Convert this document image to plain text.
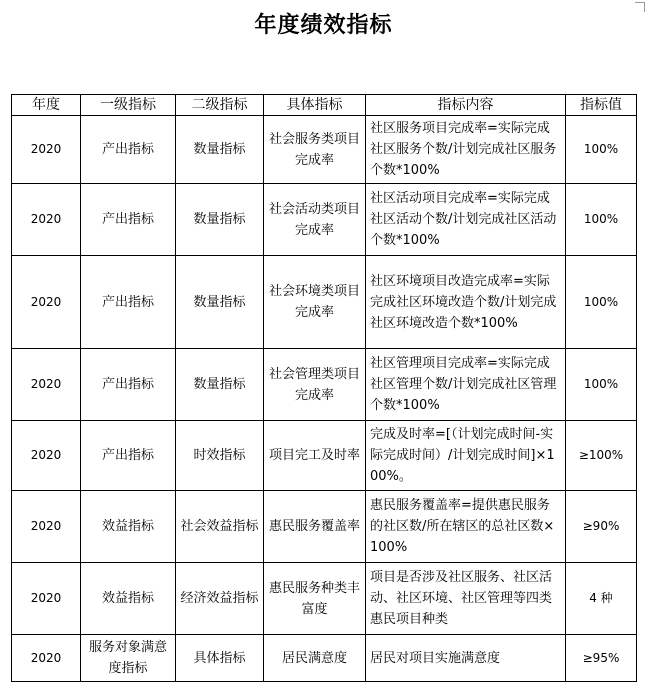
年度绩效指标
年度	一级指标	二级指标	具体指标	指标内容	指标值
2020	产出指标	数量指标	社会服务类项目完成率	社区服务项目完成率=实际完成社区服务个数/计划完成社区服务个数*100%	100%
2020	产出指标	数量指标	社会活动类项目完成率	社区活动项目完成率=实际完成社区活动个数/计划完成社区活动个数*100%	100%
2020	产出指标	数量指标	社会环境类项目完成率	社区环境项目改造完成率=实际完成社区环境改造个数/计划完成社区环境改造个数*100%	100%
2020	产出指标	数量指标	社会管理类项目完成率	社区管理项目完成率=实际完成社区管理个数/计划完成社区管理个数*100%	100%
2020	产出指标	时效指标	项目完工及时率	完成及时率=[（计划完成时间-实际完成时间）/计划完成时间]×100%。	≥100%
2020	效益指标	社会效益指标	惠民服务覆盖率	惠民服务覆盖率=提供惠民服务的社区数/所在辖区的总社区数×100%	≥90%
2020	效益指标	经济效益指标	惠民服务种类丰富度	项目是否涉及社区服务、社区活动、社区环境、社区管理等四类惠民项目种类	4 种
2020	服务对象满意度指标	具体指标	居民满意度	居民对项目实施满意度	≥95%
